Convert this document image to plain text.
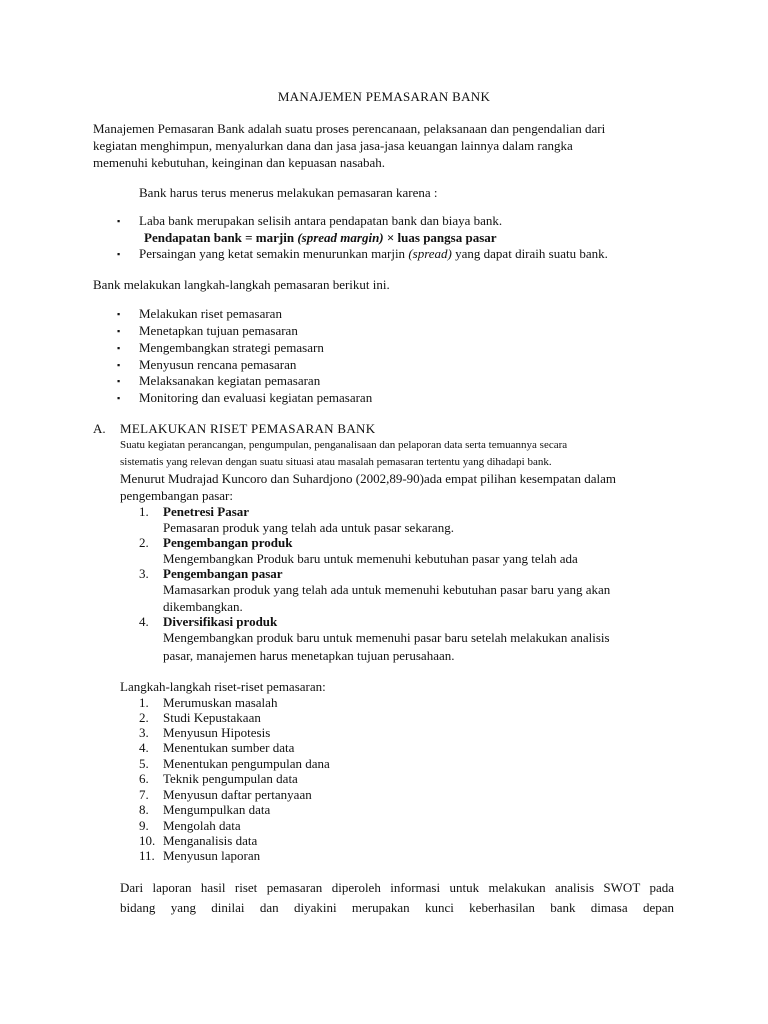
MANAJEMEN PEMASARAN BANK
Manajemen Pemasaran Bank adalah suatu proses perencanaan, pelaksanaan dan pengendalian dari
kegiatan menghimpun, menyalurkan dana dan jasa jasa-jasa keuangan lainnya dalam rangka
memenuhi kebutuhan, keinginan dan kepuasan nasabah.
Bank harus terus menerus melakukan pemasaran karena :
▪ Laba bank merupakan selisih antara pendapatan bank dan biaya bank.
Pendapatan bank = marjin (spread margin) × luas pangsa pasar
▪ Persaingan yang ketat semakin menurunkan marjin (spread) yang dapat diraih suatu bank.
Bank melakukan langkah-langkah pemasaran berikut ini.
▪ Melakukan riset pemasaran
▪ Menetapkan tujuan pemasaran
▪ Mengembangkan strategi pemasarn
▪ Menyusun rencana pemasaran
▪ Melaksanakan kegiatan pemasaran
▪ Monitoring dan evaluasi kegiatan pemasaran
A. MELAKUKAN RISET PEMASARAN BANK
Suatu kegiatan perancangan, pengumpulan, penganalisaan dan pelaporan data serta temuannya secara
sistematis yang relevan dengan suatu situasi atau masalah pemasaran tertentu yang dihadapi bank.
Menurut Mudrajad Kuncoro dan Suhardjono (2002,89-90)ada empat pilihan kesempatan dalam
pengembangan pasar:
1. Penetresi Pasar
Pemasaran produk yang telah ada untuk pasar sekarang.
2. Pengembangan produk
Mengembangkan Produk baru untuk memenuhi kebutuhan pasar yang telah ada
3. Pengembangan pasar
Mamasarkan produk yang telah ada untuk memenuhi kebutuhan pasar baru yang akan
dikembangkan.
4. Diversifikasi produk
Mengembangkan produk baru untuk memenuhi pasar baru setelah melakukan analisis
pasar, manajemen harus menetapkan tujuan perusahaan.
Langkah-langkah riset-riset pemasaran:
1. Merumuskan masalah
2. Studi Kepustakaan
3. Menyusun Hipotesis
4. Menentukan sumber data
5. Menentukan pengumpulan dana
6. Teknik pengumpulan data
7. Menyusun daftar pertanyaan
8. Mengumpulkan data
9. Mengolah data
10. Menganalisis data
11. Menyusun laporan
Dari laporan hasil riset pemasaran diperoleh informasi untuk melakukan analisis SWOT pada
bidang yang dinilai dan diyakini merupakan kunci keberhasilan bank dimasa depan
